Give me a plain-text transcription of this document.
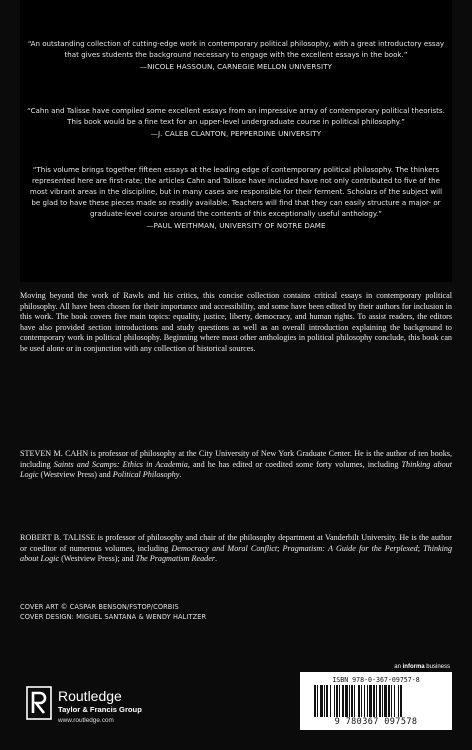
“An outstanding collection of cutting-edge work in contemporary political philosophy, with a great introductory essay that gives students the background necessary to engage with the excellent essays in the book.”

—NICOLE HASSOUN, CARNEGIE MELLON UNIVERSITY

“Cahn and Talisse have compiled some excellent essays from an impressive array of contemporary political theorists. This book would be a fine text for an upper-level undergraduate course in political philosophy.”

—J. CALEB CLANTON, PEPPERDINE UNIVERSITY

“This volume brings together fifteen essays at the leading edge of contemporary political philosophy. The thinkers represented here are first-rate; the articles Cahn and Talisse have included have not only contributed to five of the most vibrant areas in the discipline, but in many cases are responsible for their ferment. Scholars of the subject will be glad to have these pieces made so readily available. Teachers will find that they can easily structure a major- or graduate-level course around the contents of this exceptionally useful anthology.”

—PAUL WEITHMAN, UNIVERSITY OF NOTRE DAME

Moving beyond the work of Rawls and his critics, this concise collection contains critical essays in contemporary political philosophy. All have been chosen for their importance and accessibility, and some have been edited by their authors for inclusion in this work. The book covers five main topics: equality, justice, liberty, democracy, and human rights. To assist readers, the editors have also provided section introductions and study questions as well as an overall introduction explaining the background to contemporary work in political philosophy. Beginning where most other anthologies in political philosophy conclude, this book can be used alone or in conjunction with any collection of historical sources.

STEVEN M. CAHN is professor of philosophy at the City University of New York Graduate Center. He is the author of ten books, including Saints and Scamps: Ethics in Academia, and he has edited or coedited some forty volumes, including Thinking about Logic (Westview Press) and Political Philosophy.

ROBERT B. TALISSE is professor of philosophy and chair of the philosophy department at Vanderbilt University. He is the author or coeditor of numerous volumes, including Democracy and Moral Conflict; Pragmatism: A Guide for the Perplexed; Thinking about Logic (Westview Press); and The Pragmatism Reader.

COVER ART © CASPAR BENSON/FSTOP/CORBIS
COVER DESIGN: MIGUEL SANTANA & WENDY HALITZER
an informa business
ISBN 978-0-367-09757-8
9 780367 097578
Routledge
Taylor & Francis Group
www.routledge.com
